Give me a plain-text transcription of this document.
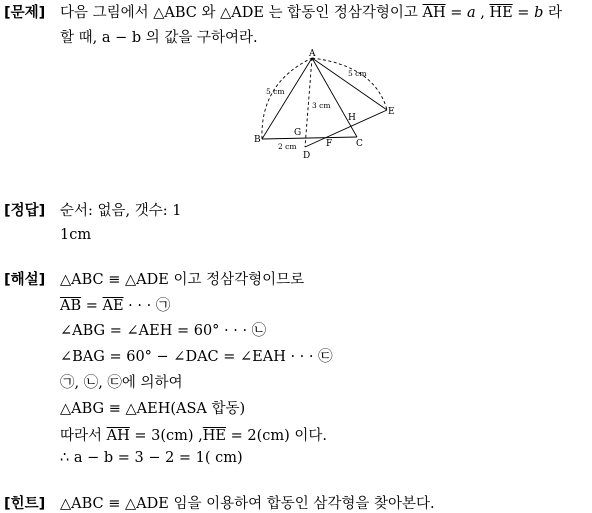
[문제] 다음 그림에서 △ABC 와 △ADE 는 합동인 정삼각형이고 $\overline{AH} = a$ , $\overline{HE} = b$ 라
할 때, a − b 의 값을 구하여라.
A
B	C
D
E
F
G
H
5 cm
5 cm
3 cm
2 cm
[정답] 순서: 없음, 갯수: 1
1cm
[해설] △ABC ≡ △ADE 이고 정삼각형이므로
$\overline{AB} = \overline{AE}$ · · · ㉠
∠ABG = ∠AEH = 60° · · · ㉡
∠BAG = 60° − ∠DAC = ∠EAH · · · ㉢
㉠, ㉡, ㉢에 의하여
△ABG ≡ △AEH(ASA 합동)
따라서 $\overline{AH} = 3(cm) ,\overline{HE} = 2(cm)$ 이다.
∴ a − b = 3 − 2 = 1( cm)
[힌트] △ABC ≡ △ADE 임을 이용하여 합동인 삼각형을 찾아본다.
